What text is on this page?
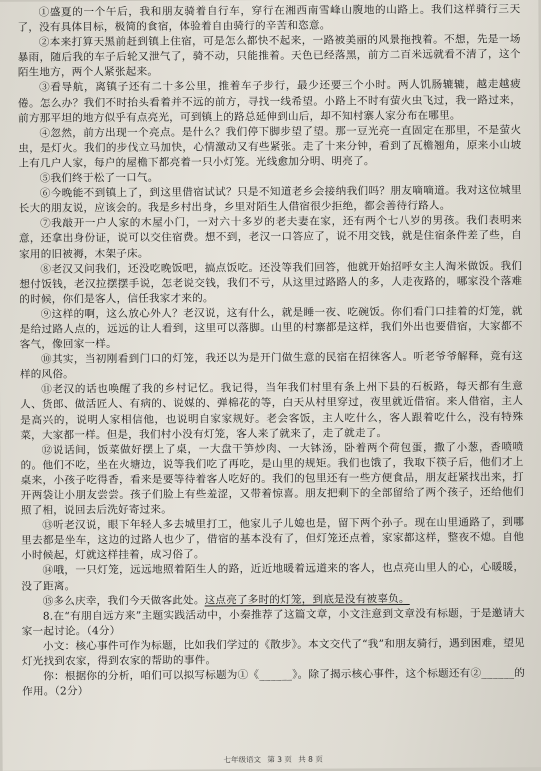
①盛夏的一个午后，我和朋友骑着自行车，穿行在湘西南雪峰山腹地的山路上。我们这样骑行三天了，没有具体目标，极简的食宿，体验着自由骑行的辛苦和恣意。

②本来打算天黑前赶到镇上住宿，可是怎么都快不起来，一路被美丽的风景拖拽着。不想，先是一场暴雨，随后我的车子后轮又泄气了，骑不动，只能推着。天色已经落黑，前方二百米远就看不清了，这个陌生地方，两个人紧张起来。

③看导航，离镇子还有二十多公里，推着车子步行，最少还要三个小时。两人饥肠辘辘，越走越疲倦。怎么办？我们不时抬头看着并不远的前方，寻找一线希望。小路上不时有萤火虫飞过，我一路过来，前方那平坦的地方似乎有点亮光，可到镇上的路总延伸到山后，却不知村寨人家分布在哪里。

④忽然，前方出现一个亮点。是什么？我们停下脚步望了望。那一豆光亮一直固定在那里，不是萤火虫，是灯火。我们的步伐立马加快，心情激动又有些紧张。走了十来分钟，看到了瓦檐翘角，原来小山坡上有几户人家，每户的屋檐下都亮着一只小灯笼。光线愈加分明、明亮了。

⑤我们终于松了一口气。

⑥今晚能不到镇上了，到这里借宿试试？只是不知道老乡会接纳我们吗？朋友嘀嘀道。我对这位城里长大的朋友说，应该会的。我是乡村出身，乡里对陌生人借宿很少拒绝，都会善待行路人。

⑦我敲开一户人家的木屋小门，一对六十多岁的老夫妻在家，还有两个七八岁的男孩。我们表明来意，还拿出身份证，说可以交住宿费。想不到，老汉一口答应了，说不用交钱，就是住宿条件差了些，自家用的旧被褥，木架子床。

⑧老汉又问我们，还没吃晚饭吧，搞点饭吃。还没等我们回答，他就开始招呼女主人淘米做饭。我们想付饭钱，老汉拉摆摆手说，怎老说交钱，我们不亏，从这里过路路人的多，人走夜路的，哪家没个落难的时候，你们是客人，信任我家才来的。

⑨这样的啊，这么放心外人？老汉说，这有什么，就是睡一夜、吃碗饭。你们看门口挂着的灯笼，就是给过路人点的，远远的让人看到，这里可以落脚。山里的村寨都是这样，我们外出也要借宿，大家都不客气，像回家一样。

⑩其实，当初刚看到门口的灯笼，我还以为是开门做生意的民宿在招徕客人。听老爷爷解释，竟有这样的风俗。

⑪老汉的话也唤醒了我的乡村记忆。我记得，当年我们村里有条上州下县的石板路，每天都有生意人、货郎、做活匠人、有病的、说媒的、弹棉花的等，白天从村里穿过，夜里就近借宿。来人借宿，主人是高兴的，说明人家相信他，也说明自家家规好。老会客饭，主人吃什么，客人跟着吃什么，没有特殊菜，大家都一样。但是，我们村小没有灯笼，客人来了就来了，走了就走了。

⑫说话间，饭菜做好摆上了桌，一大盘干笋炒肉、一大钵汤，卧着两个荷包蛋，撒了小葱，香喷喷的。他们不吃，坐在火塘边，说等我们吃了再吃，是山里的规矩。我们也饿了，我取下筷子后，他们才上桌来，小孩子吃得香，看来是要等待着客人吃好的。我们的包里还有一些方便食品，朋友赶紧找出来，打开两袋让小朋友尝尝。孩子们脸上有些羞涩，又带着惊喜。朋友把剩下的全部留给了两个孩子，还给他们照了相，说回去后洗好寄过来。

⑬听老汉说，眼下年轻人多去城里打工，他家儿子儿媳也是，留下两个孙子。现在山里通路了，到哪里去都是坐车，这边的过路人也少了，借宿的基本没有了，但灯笼还点着，家家都这样，整夜不熄。自他小时候起，灯就这样挂着，成习俗了。

⑭哦，一只灯笼，远远地照着陌生人的路，近近地暖着远道来的客人，也点亮山里人的心，心暖暖，没了距离。

⑮多么庆幸，我们今天做客此处。这点亮了多时的灯笼，到底是没有被辜负。

8.在“有朋自远方来”主题实践活动中，小秦推荐了这篇文章，小文注意到文章没有标题，于是邀请大家一起讨论。（4分）

小文：核心事件可作为标题，比如我们学过的《散步》。本文交代了“我”和朋友骑行，遇到困难，望见灯光找到农家，得到农家的帮助的事件。

你：根据你的分析，咱们可以拟写标题为①《______》。除了揭示核心事件，这个标题还有②______的作用。（2分）

七年级语文 第 3 页 共 8 页
